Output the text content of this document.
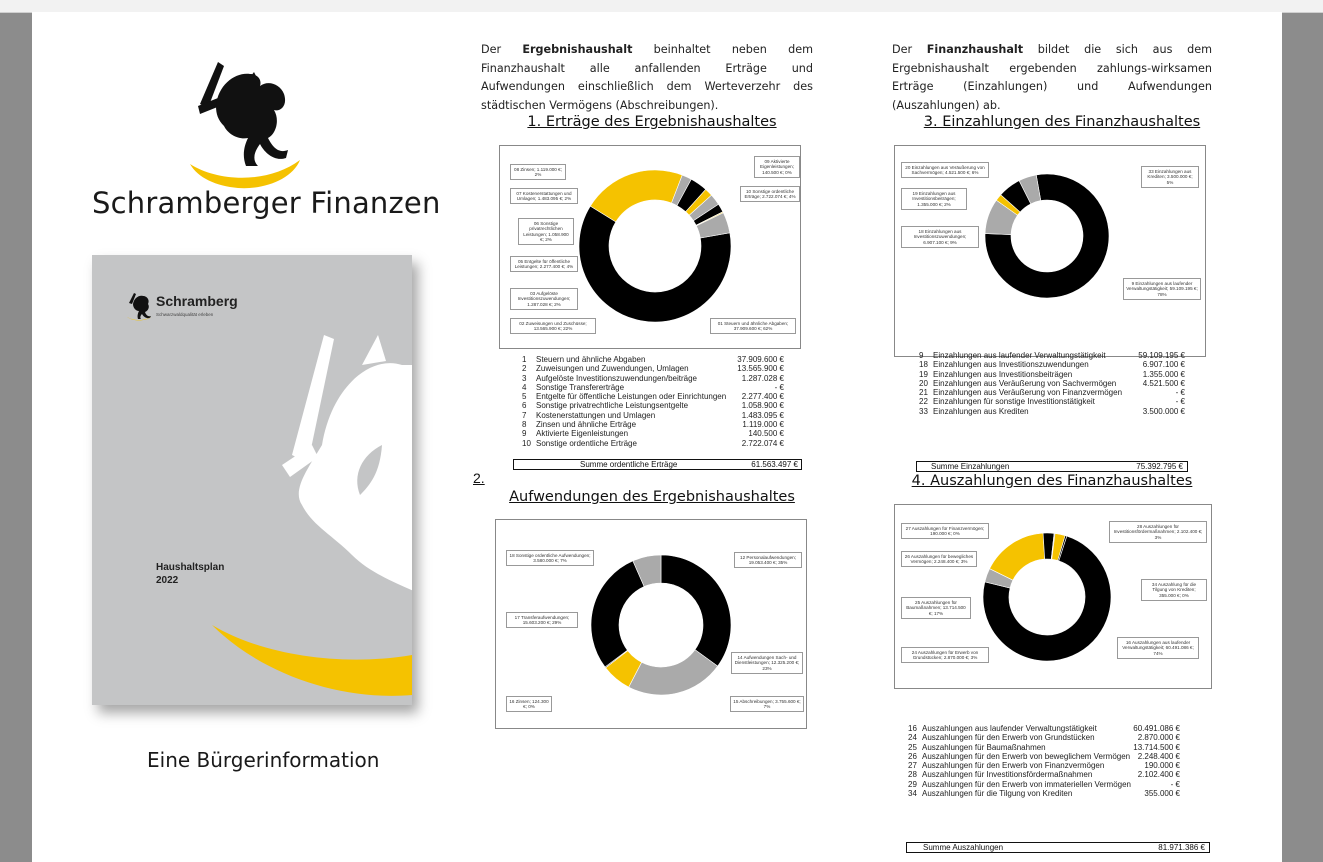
Schramberger Finanzen
Schramberg
Schwarzwaldqualität erleben
Haushaltsplan
2022
Eine Bürgerinformation
Der Ergebnishaushalt beinhaltet neben dem Finanzhaushalt alle anfallenden Erträge und Aufwendungen einschließlich dem Werteverzehr des städtischen Vermögens (Abschreibungen).
Der Finanzhaushalt bildet die sich aus dem Ergebnishaushalt ergebenden zahlungs-wirksamen Erträge (Einzahlungen) und Aufwendungen (Auszahlungen) ab.
1. Erträge des Ergebnishaushaltes	3. Einzahlungen des Finanzhaushaltes
2.
Aufwendungen des Ergebnishaushaltes
4. Auszahlungen des Finanzhaushaltes
01 Steuern und ähnliche Abgaben; 37.909.600 €; 62%
02 Zuweisungen und Zuschüsse; 13.565.900 €; 22%
03 Aufgelöste Investitionszuwendungen; 1.287.028 €; 2%
05 Entgelte für öffentliche Leistungen; 2.277.400 €; 4%
06 Sonstige privatrechtlichen Leistungen; 1.058.900 €; 2%
07 Kostenerstattungen und Umlagen; 1.483.095 €; 2%
08 Zinsen; 1.119.000 €; 2%
09 Aktivierte Eigenleistungen; 140.500 €; 0%
10 Sonstige ordentliche Erträge; 2.722.074 €; 4%
9 Einzahlungen aus laufender Verwaltungstätigkeit; 59.109.195 €; 78%
18 Einzahlungen aus Investitionszuwendungen; 6.907.100 €; 9%
19 Einzahlungen aus Investitionsbeiträgen; 1.355.000 €; 2%
20 Einzahlungen aus Veräußerung von Sachvermögen; 4.521.500 €; 6%	33 Einzahlungen aus Krediten; 3.500.000 €; 5%
12 Personalaufwendungen; 19.053.400 €; 35%
14 Aufwendungen Sach- und Dienstleistungen; 12.325.200 €; 23%
15 Abschreibungen; 3.755.600 €; 7%
16 Zinsen; 124.300 €; 0%
17 Transferaufwendungen; 15.603.200 €; 29%
18 Sonstige ordentliche Aufwendungen; 3.580.000 €; 7%
16 Auszahlungen aus laufender Verwaltungstätigkeit; 60.491.086 €; 74%
24 Auszahlungen für Erwerb von Grundstücken; 2.870.000 €; 3%
25 Auszahlungen für Baumaßnahmen; 13.714.500 €; 17%
26 Auszahlungen für bewegliches Vermögen; 2.248.400 €; 3%
27 Auszahlungen für Finanzvermögen; 190.000 €; 0%
28 Auszahlungen für Investitionsfördermaßnahmen; 2.102.400 €; 3%
34 Auszahlung für die Tilgung von Krediten; 355.000 €; 0%
1	Steuern und ähnliche Abgaben	37.909.600 €
2	Zuweisungen und Zuwendungen, Umlagen	13.565.900 €
3	Aufgelöste Investitionszuwendungen/beiträge	1.287.028 €
4	Sonstige Transfererträge	- €
5	Entgelte für öffentliche Leistungen oder Einrichtungen	2.277.400 €
6	Sonstige privatrechtliche Leistungsentgelte	1.058.900 €
7	Kostenerstattungen und Umlagen	1.483.095 €
8	Zinsen und ähnliche Erträge	1.119.000 €
9	Aktivierte Eigenleistungen	140.500 €
10	Sonstige ordentliche Erträge	2.722.074 €
Summe ordentliche Erträge	61.563.497 €
9	Einzahlungen aus laufender Verwaltungstätigkeit	59.109.195 €
18	Einzahlungen aus Investitionszuwendungen	6.907.100 €
19	Einzahlungen aus Investitionsbeiträgen	1.355.000 €
20	Einzahlungen aus Veräußerung von Sachvermögen	4.521.500 €
21	Einzahlungen aus Veräußerung von Finanzvermögen	- €
22	Einzahlungen für sonstige Investitionstätigkeit	- €
33	Einzahlungen aus Krediten	3.500.000 €
Summe Einzahlungen	75.392.795 €
16	Auszahlungen aus laufender Verwaltungstätigkeit	60.491.086 €
24	Auszahlungen für den Erwerb von Grundstücken	2.870.000 €
25	Auszahlungen für Baumaßnahmen	13.714.500 €
26	Auszahlungen für den Erwerb von beweglichem Vermögen	2.248.400 €
27	Auszahlungen für den Erwerb von Finanzvermögen	190.000 €
28	Auszahlungen für Investitionsfördermaßnahmen	2.102.400 €
29	Auszahlungen für den Erwerb von immateriellen Vermögen	- €
34	Auszahlungen für die Tilgung von Krediten	355.000 €
Summe Auszahlungen	81.971.386 €
